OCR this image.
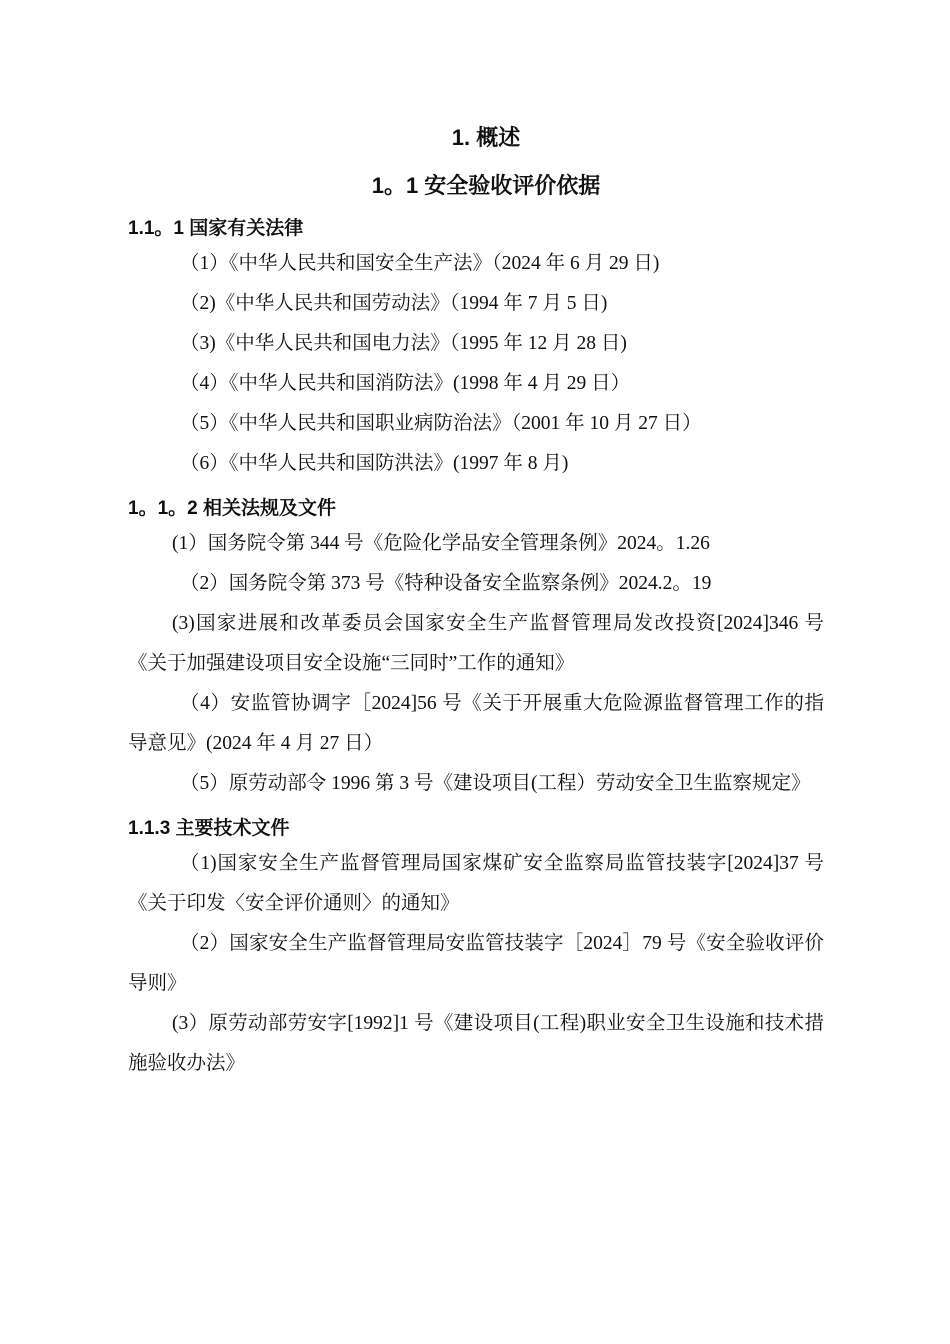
1. 概述
1。1 安全验收评价依据
1.1。1 国家有关法律
（1）《中华人民共和国安全生产法》（2024 年 6 月 29 日)
（2)《中华人民共和国劳动法》（1994 年 7 月 5 日)
（3)《中华人民共和国电力法》（1995 年 12 月 28 日)
（4）《中华人民共和国消防法》(1998 年 4 月 29 日）
（5）《中华人民共和国职业病防治法》（2001 年 10 月 27 日）
（6）《中华人民共和国防洪法》(1997 年 8 月)
1。1。2 相关法规及文件
(1）国务院令第 344 号《危险化学品安全管理条例》2024。1.26
（2）国务院令第 373 号《特种设备安全监察条例》2024.2。19
(3)国家进展和改革委员会国家安全生产监督管理局发改投资[2024]346 号《关于加强建设项目安全设施“三同时”工作的通知》
（4）安监管协调字［2024]56 号《关于开展重大危险源监督管理工作的指导意见》(2024 年 4 月 27 日）
（5）原劳动部令 1996 第 3 号《建设项目(工程）劳动安全卫生监察规定》
1.1.3 主要技术文件
（1)国家安全生产监督管理局国家煤矿安全监察局监管技装字[2024]37 号《关于印发〈安全评价通则〉的通知》
（2）国家安全生产监督管理局安监管技装字［2024］79 号《安全验收评价导则》
(3）原劳动部劳安字[1992]1 号《建设项目(工程)职业安全卫生设施和技术措施验收办法》
